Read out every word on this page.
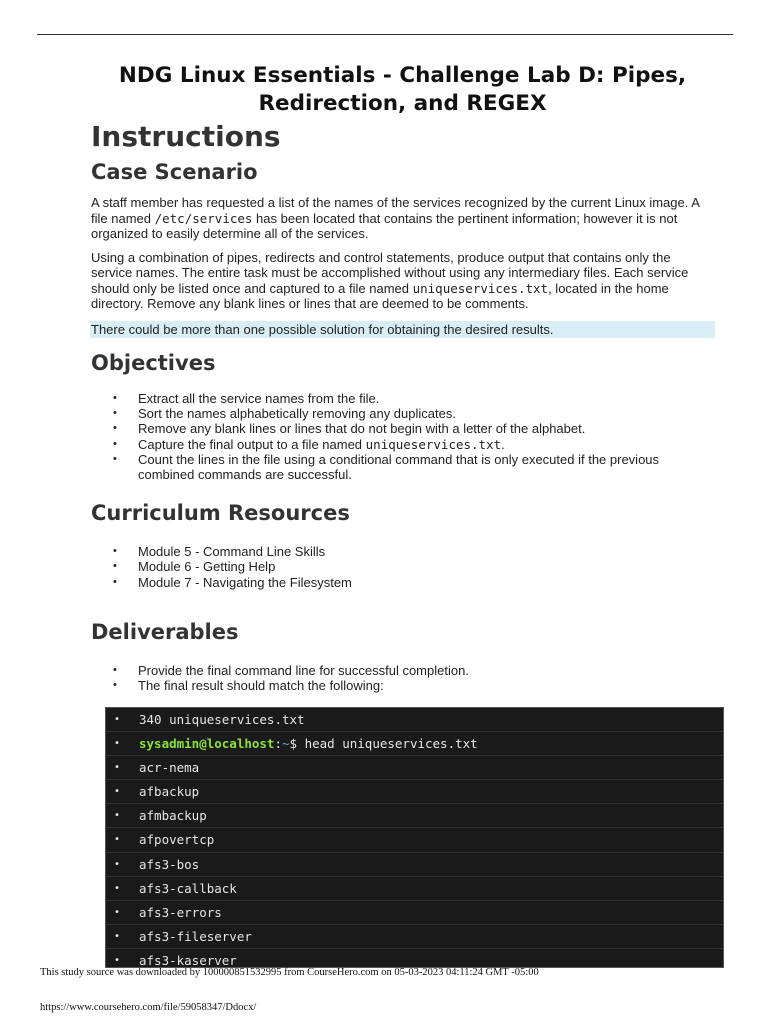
NDG Linux Essentials - Challenge Lab D: Pipes, Redirection, and REGEX

Instructions
Case Scenario

A staff member has requested a list of the names of the services recognized by the current Linux image. A file named /etc/services has been located that contains the pertinent information; however it is not organized to easily determine all of the services.

Using a combination of pipes, redirects and control statements, produce output that contains only the service names. The entire task must be accomplished without using any intermediary files. Each service should only be listed once and captured to a file named uniqueservices.txt, located in the home directory. Remove any blank lines or lines that are deemed to be comments.

There could be more than one possible solution for obtaining the desired results.
Objectives
• Extract all the service names from the file.
• Sort the names alphabetically removing any duplicates.
• Remove any blank lines or lines that do not begin with a letter of the alphabet.
• Capture the final output to a file named uniqueservices.txt.
• Count the lines in the file using a conditional command that is only executed if the previous combined commands are successful.
Curriculum Resources
• Module 5 - Command Line Skills
• Module 6 - Getting Help
• Module 7 - Navigating the Filesystem
Deliverables
• Provide the final command line for successful completion.
• The final result should match the following:
• 340 uniqueservices.txt
• sysadmin@localhost:~$ head uniqueservices.txt
• acr-nema
• afbackup
• afmbackup
• afpovertcp
• afs3-bos
• afs3-callback
• afs3-errors
• afs3-fileserver
• afs3-kaserver
This study source was downloaded by 100000851532995 from CourseHero.com on 05-03-2023 04:11:24 GMT -05:00
https://www.coursehero.com/file/59058347/Ddocx/
